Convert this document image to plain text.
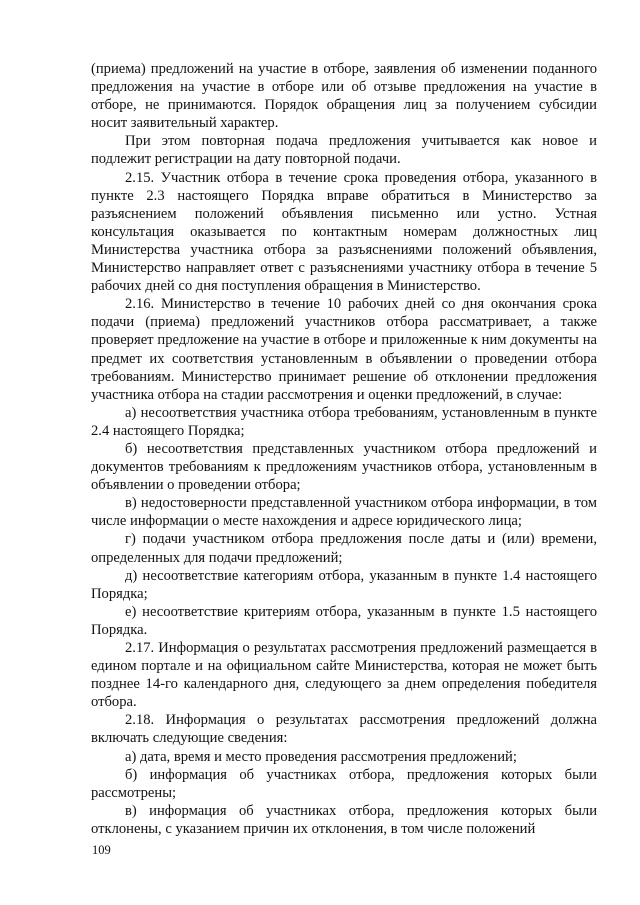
(приема) предложений на участие в отборе, заявления об изменении поданного предложения на участие в отборе или об отзыве предложения на участие в отборе, не принимаются. Порядок обращения лиц за получением субсидии носит заявительный характер.

При этом повторная подача предложения учитывается как новое и подлежит регистрации на дату повторной подачи.

2.15. Участник отбора в течение срока проведения отбора, указанного в пункте 2.3 настоящего Порядка вправе обратиться в Министерство за разъяснением положений объявления письменно или устно. Устная консультация оказывается по контактным номерам должностных лиц Министерства участника отбора за разъяснениями положений объявления, Министерство направляет ответ с разъяснениями участнику отбора в течение 5 рабочих дней со дня поступления обращения в Министерство.

2.16. Министерство в течение 10 рабочих дней со дня окончания срока подачи (приема) предложений участников отбора рассматривает, а также проверяет предложение на участие в отборе и приложенные к ним документы на предмет их соответствия установленным в объявлении о проведении отбора требованиям. Министерство принимает решение об отклонении предложения участника отбора на стадии рассмотрения и оценки предложений, в случае:

а) несоответствия участника отбора требованиям, установленным в пункте 2.4 настоящего Порядка;

б) несоответствия представленных участником отбора предложений и документов требованиям к предложениям участников отбора, установленным в объявлении о проведении отбора;

в) недостоверности представленной участником отбора информации, в том числе информации о месте нахождения и адресе юридического лица;

г) подачи участником отбора предложения после даты и (или) времени, определенных для подачи предложений;

д) несоответствие категориям отбора, указанным в пункте 1.4 настоящего Порядка;

е) несоответствие критериям отбора, указанным в пункте 1.5 настоящего Порядка.

2.17. Информация о результатах рассмотрения предложений размещается в едином портале и на официальном сайте Министерства, которая не может быть позднее 14-го календарного дня, следующего за днем определения победителя отбора.

2.18. Информация о результатах рассмотрения предложений должна включать следующие сведения:

а) дата, время и место проведения рассмотрения предложений;

б) информация об участниках отбора, предложения которых были рассмотрены;

в) информация об участниках отбора, предложения которых были отклонены, с указанием причин их отклонения, в том числе положений

109
